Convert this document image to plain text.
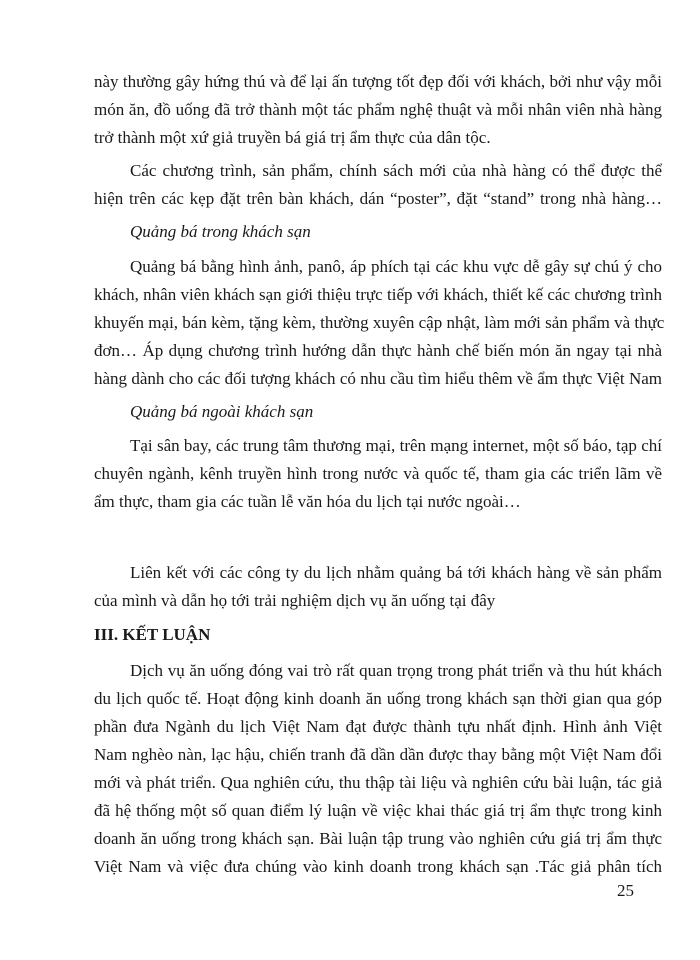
này thường gây hứng thú và để lại ấn tượng tốt đẹp đối với khách, bởi như vậy mỗi
món ăn, đồ uống đã trở thành một tác phẩm nghệ thuật và mỗi nhân viên nhà hàng
trở thành một xứ giả truyền bá giá trị ẩm thực của dân tộc.
Các chương trình, sản phẩm, chính sách mới của nhà hàng có thể được thể
hiện trên các kẹp đặt trên bàn khách, dán “poster”, đặt “stand” trong nhà hàng…
Quảng bá trong khách sạn
Quảng bá bằng hình ảnh, panô, áp phích tại các khu vực dễ gây sự chú ý cho
khách, nhân viên khách sạn giới thiệu trực tiếp với khách, thiết kế các chương trình
khuyến mại, bán kèm, tặng kèm, thường xuyên cập nhật, làm mới sản phẩm và thực
đơn… Áp dụng chương trình hướng dẫn thực hành chế biến món ăn ngay tại nhà
hàng dành cho các đối tượng khách có nhu cầu tìm hiểu thêm về ẩm thực Việt Nam
Quảng bá ngoài khách sạn
Tại sân bay, các trung tâm thương mại, trên mạng internet, một số báo, tạp chí
chuyên ngành, kênh truyền hình trong nước và quốc tế, tham gia các triển lãm về
ẩm thực, tham gia các tuần lễ văn hóa du lịch tại nước ngoài…
Liên kết với các công ty du lịch nhằm quảng bá tới khách hàng về sản phẩm
của mình và dẫn họ tới trải nghiệm dịch vụ ăn uống tại đây
III. KẾT LUẬN
Dịch vụ ăn uống đóng vai trò rất quan trọng trong phát triển và thu hút khách
du lịch quốc tế. Hoạt động kinh doanh ăn uống trong khách sạn thời gian qua góp
phần đưa Ngành du lịch Việt Nam đạt được thành tựu nhất định. Hình ảnh Việt
Nam nghèo nàn, lạc hậu, chiến tranh đã dần dần được thay bằng một Việt Nam đổi
mới và phát triển. Qua nghiên cứu, thu thập tài liệu và nghiên cứu bài luận, tác giả
đã hệ thống một số quan điểm lý luận về việc khai thác giá trị ẩm thực trong kinh
doanh ăn uống trong khách sạn. Bài luận tập trung vào nghiên cứu giá trị ẩm thực
Việt Nam và việc đưa chúng vào kinh doanh trong khách sạn .Tác giả phân tích
25
